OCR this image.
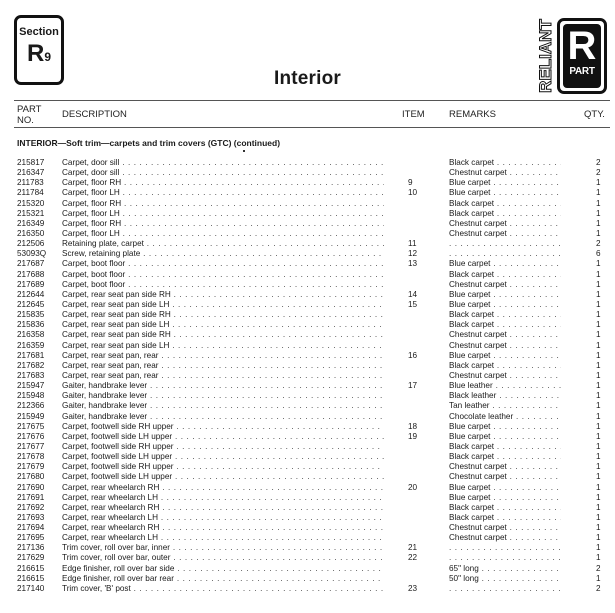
Section
R9
Interior	RELIANT R
PART
PART NO.
DESCRIPTION	ITEM	REMARKS	QTY.
INTERIOR—Soft trim—carpets and trim covers (GTC) (continued)
215817 Carpet, door sill . . .	Black carpet . . .	2
216347 Carpet, door sill . . .	Chestnut carpet . . .	2
211783 Carpet, floor RH . . .	9	Blue carpet . . .	1
211784 Carpet, floor LH . . .	10	Blue carpet . . .	1
215320 Carpet, floor RH . . .	Black carpet . . .	1
215321 Carpet, floor LH . . .	Black carpet . . .	1
216349 Carpet, floor RH . . .	Chestnut carpet . . .	1
216350 Carpet, floor LH . . .	Chestnut carpet . . .	1
212506 Retaining plate, carpet . . .	11 . . .	2
53093Q Screw, retaining plate . . .	12 . . .	6
217687 Carpet, boot floor . . .	13	Blue carpet . . .	1
217688 Carpet, boot floor . . .	Black carpet . . .	1
217689 Carpet, boot floor . . .	Chestnut carpet . . .	1
212644 Carpet, rear seat pan side RH . . .	14	Blue carpet . . .	1
212645 Carpet, rear seat pan side LH . . .	15	Blue carpet . . .	1
215835 Carpet, rear seat pan side RH . . .	Black carpet . . .	1
215836 Carpet, rear seat pan side LH . . .	Black carpet . . .	1
216358 Carpet, rear seat pan side RH . . .	Chestnut carpet . . .	1
216359 Carpet, rear seat pan side LH . . .	Chestnut carpet . . .	1
217681 Carpet, rear seat pan, rear . . .	16	Blue carpet . . .	1
217682 Carpet, rear seat pan, rear . . .	Black carpet . . .	1
217683 Carpet, rear seat pan, rear . . .	Chestnut carpet . . .	1
215947 Gaiter, handbrake lever . . .	17	Blue leather . . .	1
215948 Gaiter, handbrake lever . . .	Black leather . . .	1
212366 Gaiter, handbrake lever . . .	Tan leather . . .	1
215949 Gaiter, handbrake lever . . .	Chocolate leather . . .	1
217675 Carpet, footwell side RH upper . . .	18	Blue carpet . . .	1
217676 Carpet, footwell side LH upper . . .	19	Blue carpet . . .	1
217677 Carpet, footwell side RH upper . . .	Black carpet . . .	1
217678 Carpet, footwell side LH upper . . .	Black carpet . . .	1
217679 Carpet, footwell side RH upper . . .	Chestnut carpet . . .	1
217680 Carpet, footwell side LH upper . . .	Chestnut carpet . . .	1
217690 Carpet, rear wheelarch RH . . .	20	Blue carpet . . .	1
217691 Carpet, rear wheelarch LH . . .	Blue carpet . . .	1
217692 Carpet, rear wheelarch RH . . .	Black carpet . . .	1
217693 Carpet, rear wheelarch LH . . .	Black carpet . . .	1
217694 Carpet, rear wheelarch RH . . .	Chestnut carpet . . .	1
217695 Carpet, rear wheelarch LH . . .	Chestnut carpet . . .	1
217136 Trim cover, roll over bar, inner . . .	21 . . .	1
217629 Trim cover, roll over bar, outer . . .	22 . . .	1
216615 Edge finisher, roll over bar side . . .	65" long . . .	2
216615 Edge finisher, roll over bar rear . . .	50" long . . .	1
217140 Trim cover, 'B' post . . .	23 . . .	2
